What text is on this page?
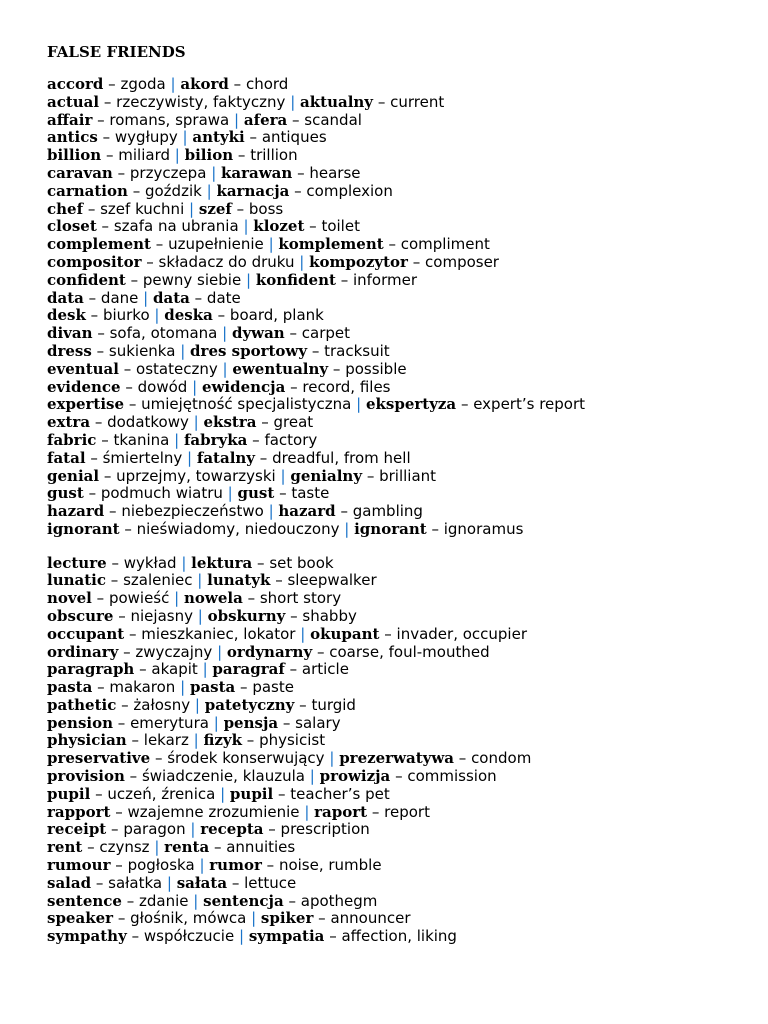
FALSE FRIENDS
accord – zgoda | akord – chord
actual – rzeczywisty, faktyczny | aktualny – current
affair – romans, sprawa | afera – scandal
antics – wygłupy | antyki – antiques
billion – miliard | bilion – trillion
caravan – przyczepa | karawan – hearse
carnation – goździk | karnacja – complexion
chef – szef kuchni | szef – boss
closet – szafa na ubrania | klozet – toilet
complement – uzupełnienie | komplement – compliment
compositor – składacz do druku | kompozytor – composer
confident – pewny siebie | konfident – informer
data – dane | data – date
desk – biurko | deska – board, plank
divan – sofa, otomana | dywan – carpet
dress – sukienka | dres sportowy – tracksuit
eventual – ostateczny | ewentualny – possible
evidence – dowód | ewidencja – record, files
expertise – umiejętność specjalistyczna | ekspertyza – expert’s report
extra – dodatkowy | ekstra – great
fabric – tkanina | fabryka – factory
fatal – śmiertelny | fatalny – dreadful, from hell
genial – uprzejmy, towarzyski | genialny – brilliant
gust – podmuch wiatru | gust – taste
hazard – niebezpieczeństwo | hazard – gambling
ignorant – nieświadomy, niedouczony | ignorant – ignoramus
lecture – wykład | lektura – set book
lunatic – szaleniec | lunatyk – sleepwalker
novel – powieść | nowela – short story
obscure – niejasny | obskurny – shabby
occupant – mieszkaniec, lokator | okupant – invader, occupier
ordinary – zwyczajny | ordynarny – coarse, foul-mouthed
paragraph – akapit | paragraf – article
pasta – makaron | pasta – paste
pathetic – żałosny | patetyczny – turgid
pension – emerytura | pensja – salary
physician – lekarz | fizyk – physicist
preservative – środek konserwujący | prezerwatywa – condom
provision – świadczenie, klauzula | prowizja – commission
pupil – uczeń, źrenica | pupil – teacher’s pet
rapport – wzajemne zrozumienie | raport – report
receipt – paragon | recepta – prescription
rent – czynsz | renta – annuities
rumour – pogłoska | rumor – noise, rumble
salad – sałatka | sałata – lettuce
sentence – zdanie | sentencja – apothegm
speaker – głośnik, mówca | spiker – announcer
sympathy – współczucie | sympatia – affection, liking
